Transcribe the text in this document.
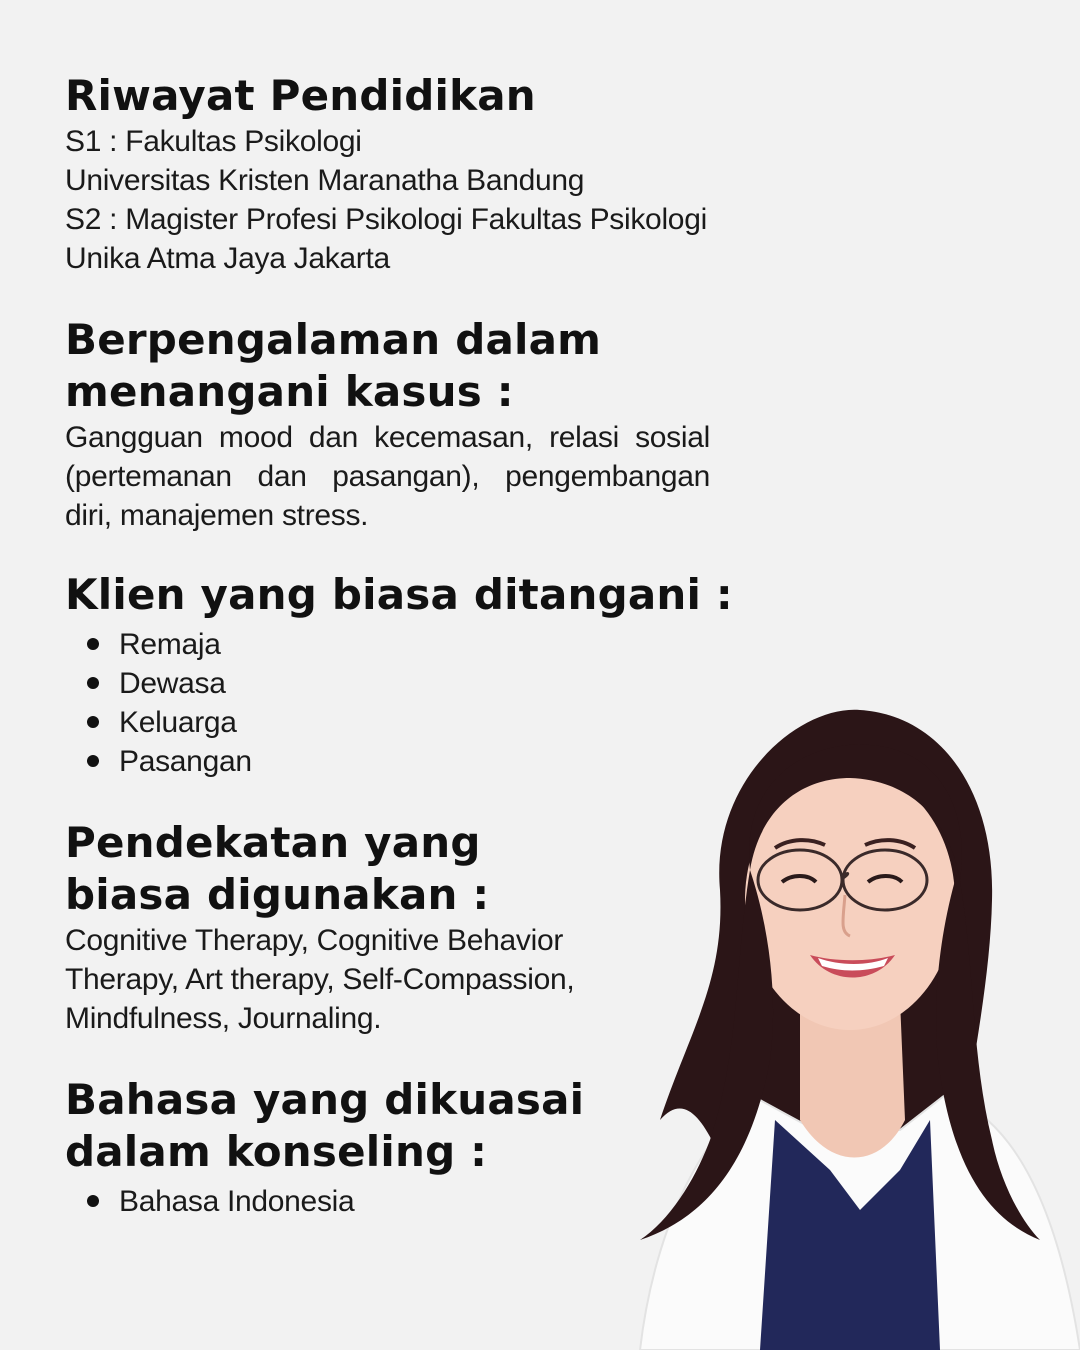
Riwayat Pendidikan

S1 : Fakultas Psikologi

Universitas Kristen Maranatha Bandung

S2 : Magister Profesi Psikologi Fakultas Psikologi

Unika Atma Jaya Jakarta

Berpengalaman dalam
menangani kasus :

Gangguan mood dan kecemasan, relasi sosial (pertemanan dan pasangan), pengembangan diri, manajemen stress.

Klien yang biasa ditangani :
Remaja
Dewasa
Keluarga
Pasangan
Pendekatan yang
biasa digunakan :

Cognitive Therapy, Cognitive Behavior Therapy, Art therapy, Self-Compassion, Mindfulness, Journaling.

Bahasa yang dikuasai
dalam konseling :
Bahasa Indonesia
